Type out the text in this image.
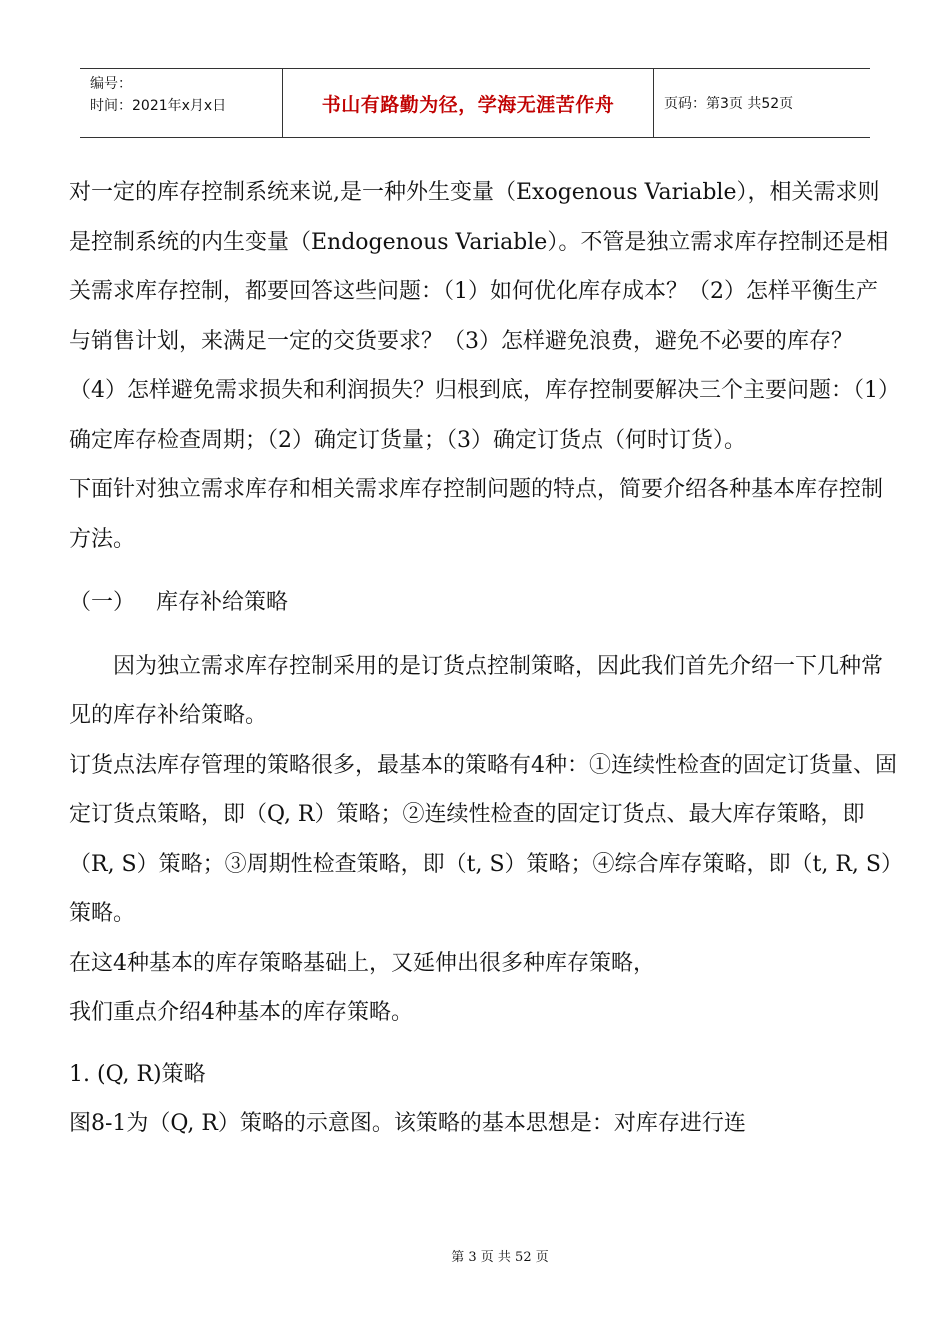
编号：
时间：2021年x月x日	书山有路勤为径，学海无涯苦作舟	页码：第3页 共52页

对一定的库存控制系统来说,是一种外生变量（Exogenous Variable），相关需求则是控制系统的内生变量（Endogenous Variable）。不管是独立需求库存控制还是相关需求库存控制，都要回答这些问题：（1）如何优化库存成本？（2）怎样平衡生产与销售计划，来满足一定的交货要求？（3）怎样避免浪费，避免不必要的库存？（4）怎样避免需求损失和利润损失？归根到底，库存控制要解决三个主要问题：（1）确定库存检查周期；（2）确定订货量；（3）确定订货点（何时订货）。

下面针对独立需求库存和相关需求库存控制问题的特点，简要介绍各种基本库存控制方法。

（一）   库存补给策略

因为独立需求库存控制采用的是订货点控制策略，因此我们首先介绍一下几种常见的库存补给策略。

订货点法库存管理的策略很多，最基本的策略有4种：①连续性检查的固定订货量、固定订货点策略，即（Q, R）策略；②连续性检查的固定订货点、最大库存策略，即（R, S）策略；③周期性检查策略，即（t, S）策略；④综合库存策略，即（t, R, S）策略。

在这4种基本的库存策略基础上，又延伸出很多种库存策略，

我们重点介绍4种基本的库存策略。

1. (Q, R)策略

图8-1为（Q, R）策略的示意图。该策略的基本思想是：对库存进行连

第 3 页 共 52 页
